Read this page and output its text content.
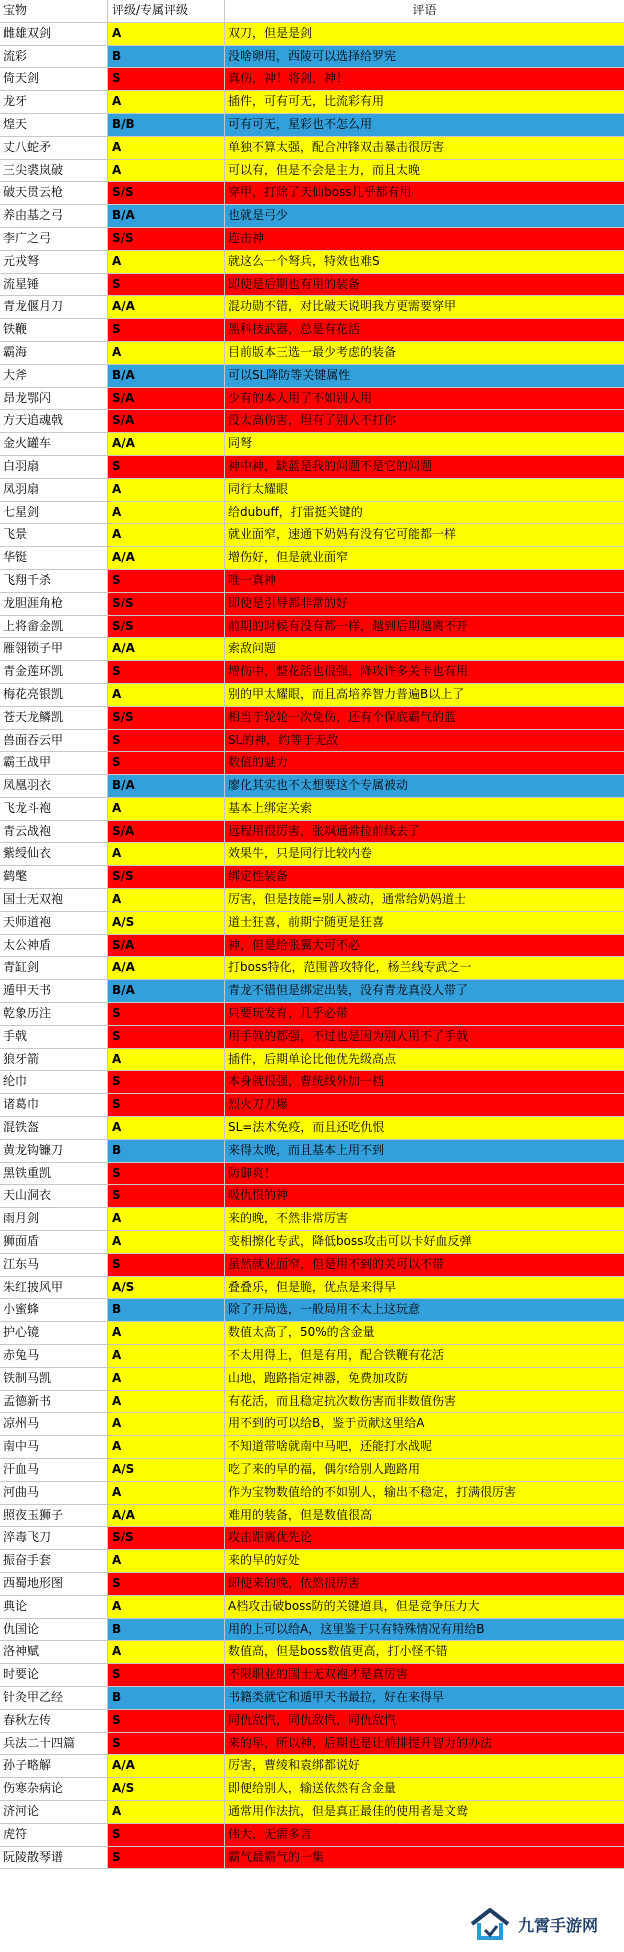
宝物	评级/专属评级	评语
雌雄双剑	A	双刀，但是是剑
流彩	B	没啥卵用，西陵可以选择给罗宪
倚天剑	S	真伤，神！将剑，神！
龙牙	A	插件，可有可无，比流彩有用
煌天	B/B	可有可无，星彩也不怎么用
丈八蛇矛	A	单独不算太强，配合冲锋双击暴击很厉害
三尖裘岚破	A	可以有，但是不会是主力，而且太晚
破天贯云枪	S/S	穿甲，打除了天仙boss几乎都有用
养由基之弓	B/A	也就是弓少
李广之弓	S/S	连击神
元戎弩	A	就这么一个弩兵，特效也难S
流星锤	S	即使是后期也有用的装备
青龙偃月刀	A/A	混功勋不错，对比破天说明我方更需要穿甲
铁鞭	S	黑科技武器，总是有花活
霸海	A	目前版本三选一最少考虑的装备
大斧	B/A	可以SL降防等关键属性
昂龙鄂闪	S/A	少有的本人用了不如别人用
方天追魂戟	S/A	没太高伤害，坦有了别人不打你
金火罐车	A/A	同弩
白羽扇	S	神中神，缺蓝是我的问题不是它的问题
凤羽扇	A	同行太耀眼
七星剑	A	给dubuff，打雷挺关键的
飞景	A	就业面窄，速通下奶妈有没有它可能都一样
华铤	A/A	增伤好，但是就业面窄
飞翔千杀	S	唯一真神
龙胆涯角枪	S/S	即使是引导都非常的好
上将畲金凯	S/S	前期的时候有没有都一样，越到后期越离不开
雁翎锁子甲	A/A	索敌问题
青金莲环凯	S	增伤中，整花活也很强，降攻许多关卡也有用
梅花亮银凯	A	别的甲太耀眼，而且高培养智力普遍B以上了
苍天龙鳞凯	S/S	相当于轮轮一次免伤，还有个保底霸气的蓝
兽面吞云甲	S	SL的神，约等于无敌
霸王战甲	S	数值的魅力
凤凰羽衣	B/A	廖化其实也不太想要这个专属被动
飞龙斗袍	A	基本上绑定关索
青云战袍	S/A	远程用很厉害，张飒通常拉前线去了
紫绶仙衣	A	效果牛，只是同行比较内卷
鹤氅	S/S	绑定性装备
国士无双袍	A	厉害，但是技能=别人被动，通常给奶妈道士
天师道袍	A/S	道士狂喜，前期宁随更是狂喜
太公神盾	S/A	神，但是给张翼大可不必
青缸剑	A/A	打boss特化，范围普攻特化，杨兰线专武之一
遁甲天书	B/A	青龙不错但是绑定出装，没有青龙真没人带了
乾象历注	S	只要玩发育，几乎必带
手戟	S	用手戟的都强，不过也是因为别人用不了手戟
狼牙箭	A	插件，后期单论比他优先级高点
纶巾	S	本身就很强，曹统线外加一档
诸葛巾	S	烈火刀刀爆
混铁盔	A	SL=法术免疫，而且还吃仇恨
黄龙钩镰刀	B	来得太晚，而且基本上用不到
黑铁重凯	S	防御爽！
天山洞衣	S	吸仇恨的神
雨月剑	A	来的晚，不然非常厉害
狮面盾	A	变相擦化专武，降低boss攻击可以卡好血反弹
江东马	S	虽然就业面窄，但是用不到的关可以不带
朱红披风甲	A/S	叠叠乐，但是脆，优点是来得早
小蜜蜂	B	除了开局选，一般局用不太上这玩意
护心镜	A	数值太高了，50%的含金量
赤兔马	A	不太用得上，但是有用，配合铁鞭有花活
铁制马凯	A	山地，跑路指定神器，免费加攻防
孟德新书	A	有花活，而且稳定抗次数伤害而非数值伤害
凉州马	A	用不到的可以给B，鉴于贡献这里给A
南中马	A	不知道带啥就南中马吧，还能打水战呢
汗血马	A/S	吃了来的早的福，偶尔给别人跑路用
河曲马	A	作为宝物数值给的不如别人，输出不稳定，打满很厉害
照夜玉狮子	A/A	难用的装备，但是数值很高
淬毒飞刀	S/S	攻击距离优先论
振奋手套	A	来的早的好处
西蜀地形图	S	即使来的晚，依然很厉害
典论	A	A档攻击破boss防的关键道具，但是竞争压力大
仇国论	B	用的上可以给A，这里鉴于只有特殊情况有用给B
洛神赋	A	数值高，但是boss数值更高，打小怪不错
时要论	S	不限职业的国士无双袍才是真厉害
针灸甲乙经	B	书籍类就它和遁甲天书最拉，好在来得早
春秋左传	S	同仇敌忾，同仇敌忾，同仇敌忾
兵法二十四篇	S	来的早，所以神，后期也是让前排提升智力的办法
孙子略解	A/A	厉害，曹绫和袁绑都说好
伤寒杂病论	A/S	即便给别人，输送依然有含金量
济河论	A	通常用作法抗，但是真正最佳的使用者是文鸯
虎符	S	伟大，无需多言
阮陵散琴谱	S	霸气最霸气的一集
九霄手游网
